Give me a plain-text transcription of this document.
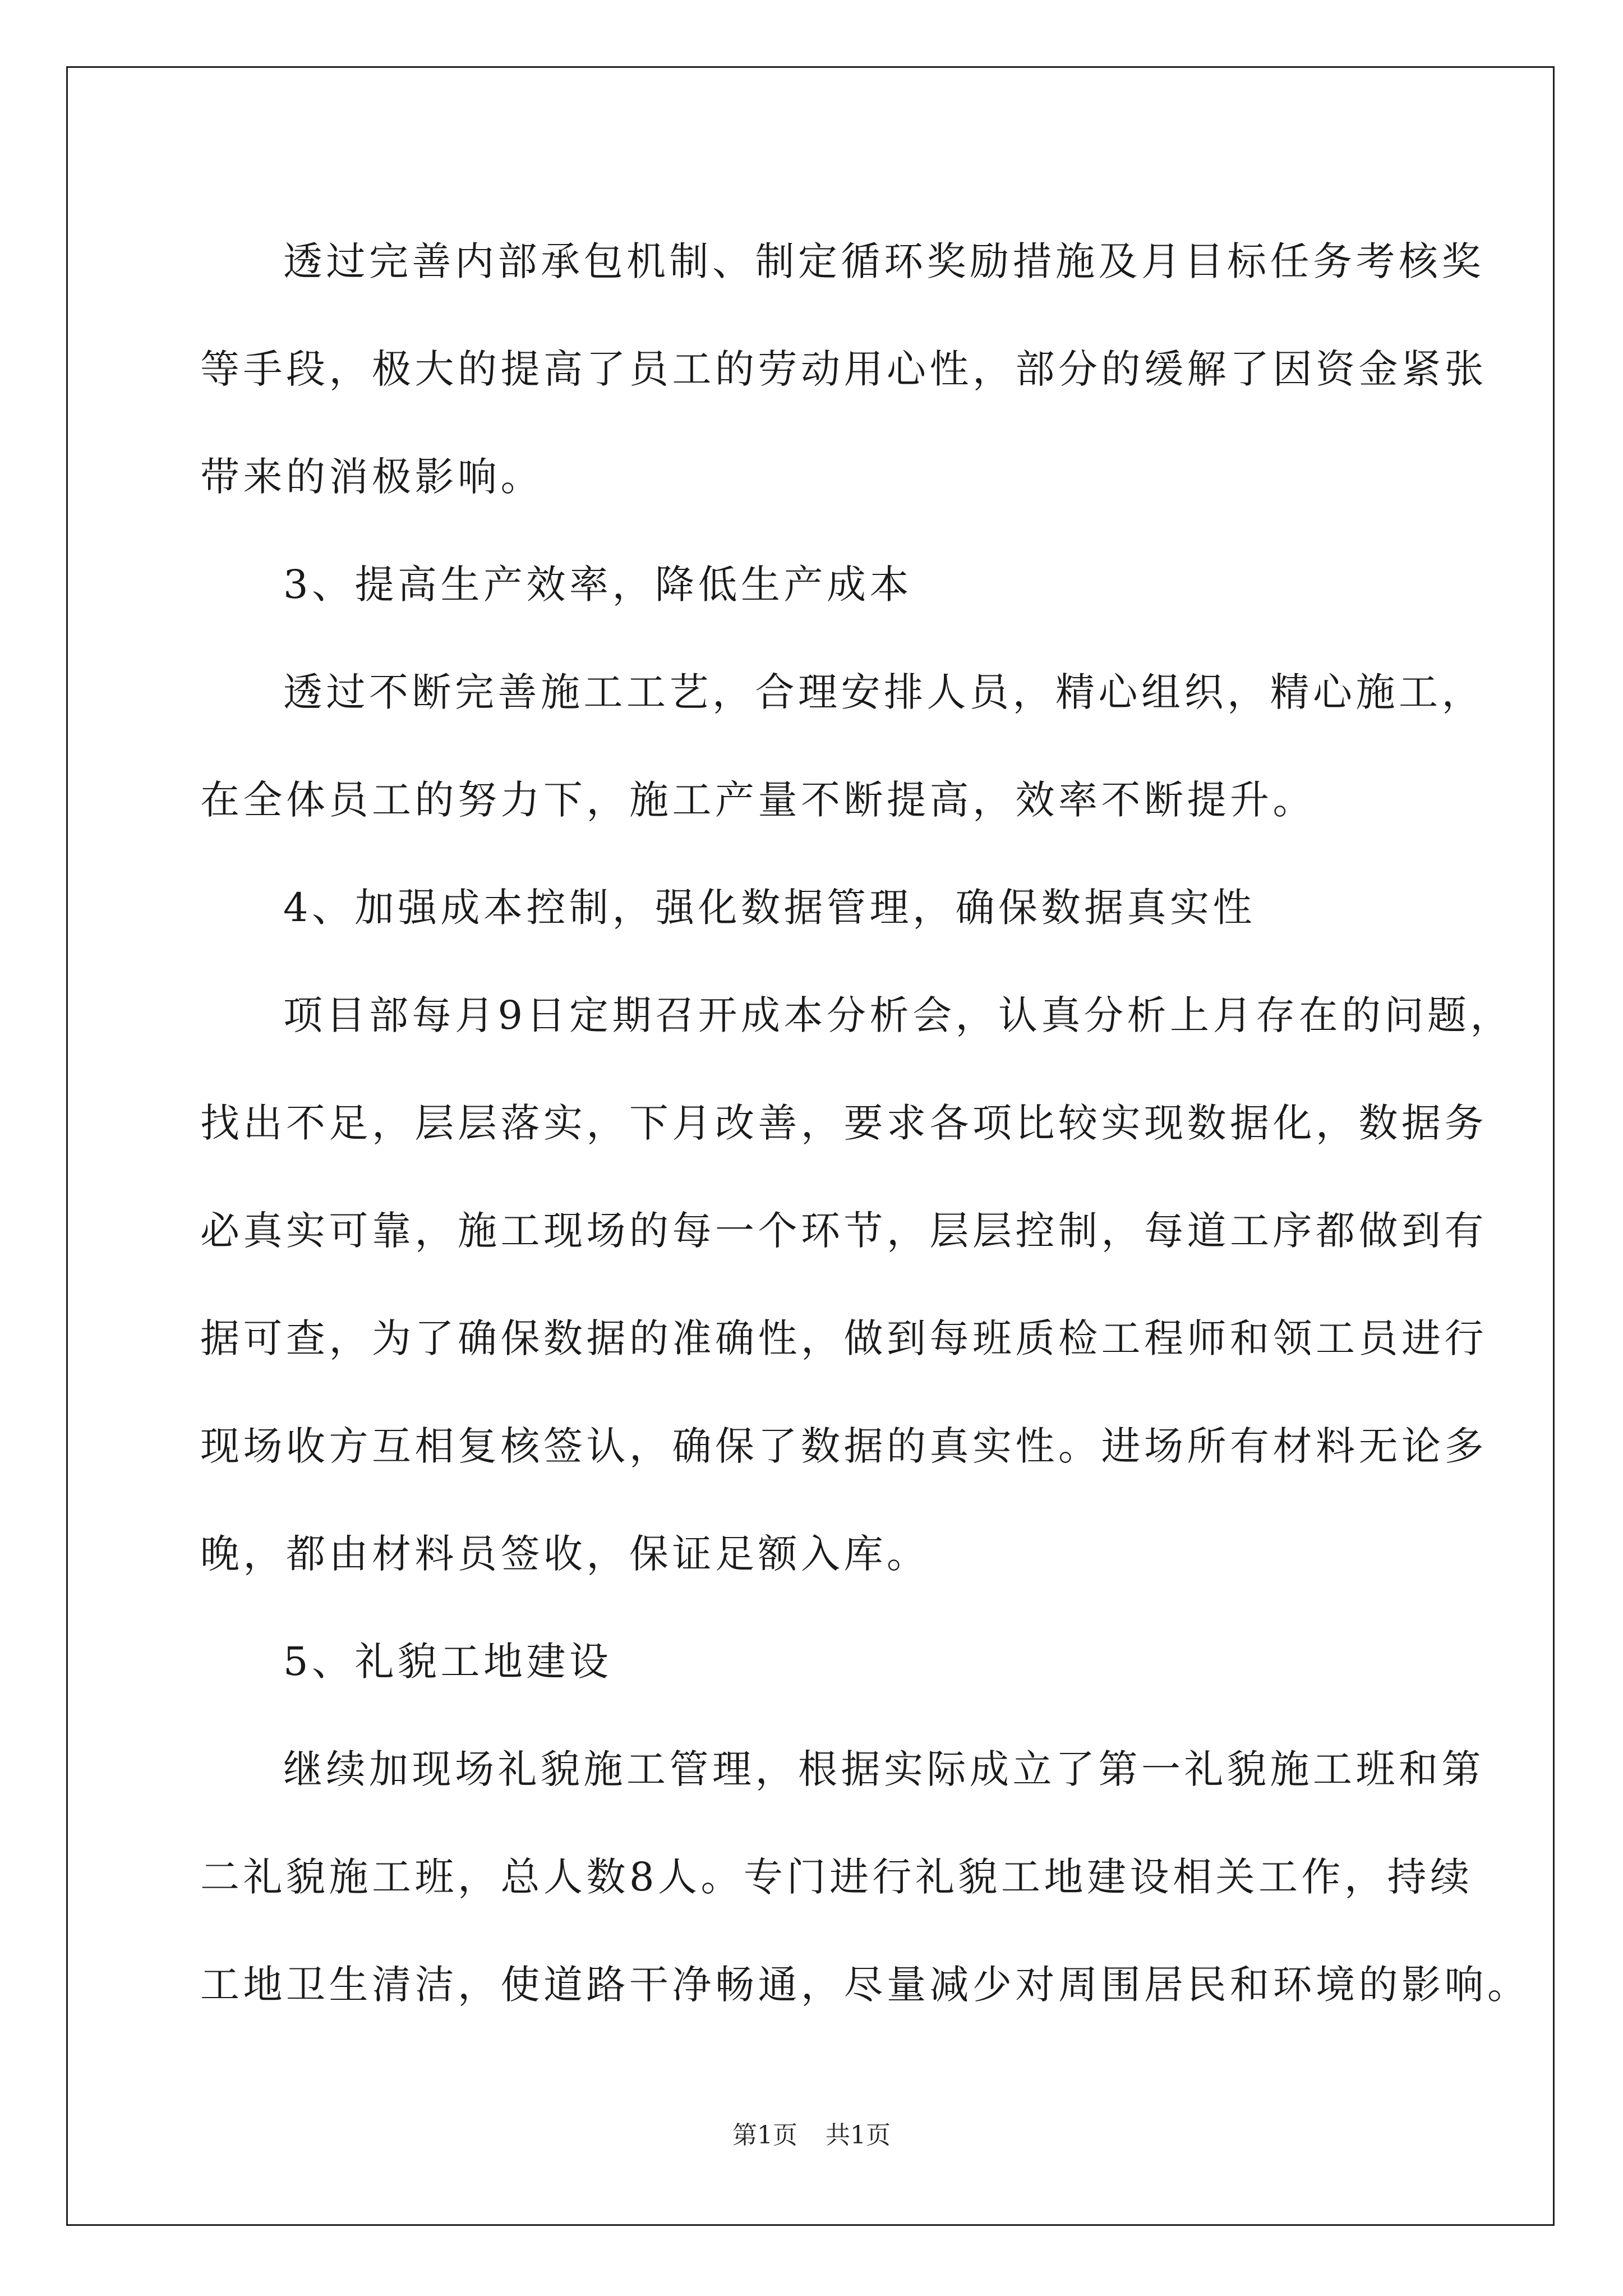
透过完善内部承包机制、制定循环奖励措施及月目标任务考核奖
等手段，极大的提高了员工的劳动用心性，部分的缓解了因资金紧张
带来的消极影响。

3、提高生产效率，降低生产成本

透过不断完善施工工艺，合理安排人员，精心组织，精心施工，
在全体员工的努力下，施工产量不断提高，效率不断提升。

4、加强成本控制，强化数据管理，确保数据真实性

项目部每月9日定期召开成本分析会，认真分析上月存在的问题，
找出不足，层层落实，下月改善，要求各项比较实现数据化，数据务
必真实可靠，施工现场的每一个环节，层层控制，每道工序都做到有
据可查，为了确保数据的准确性，做到每班质检工程师和领工员进行
现场收方互相复核签认，确保了数据的真实性。进场所有材料无论多
晚，都由材料员签收，保证足额入库。

5、礼貌工地建设

继续加现场礼貌施工管理，根据实际成立了第一礼貌施工班和第
二礼貌施工班，总人数8人。专门进行礼貌工地建设相关工作，持续
工地卫生清洁，使道路干净畅通，尽量减少对周围居民和环境的影响。

第1页 共1页
